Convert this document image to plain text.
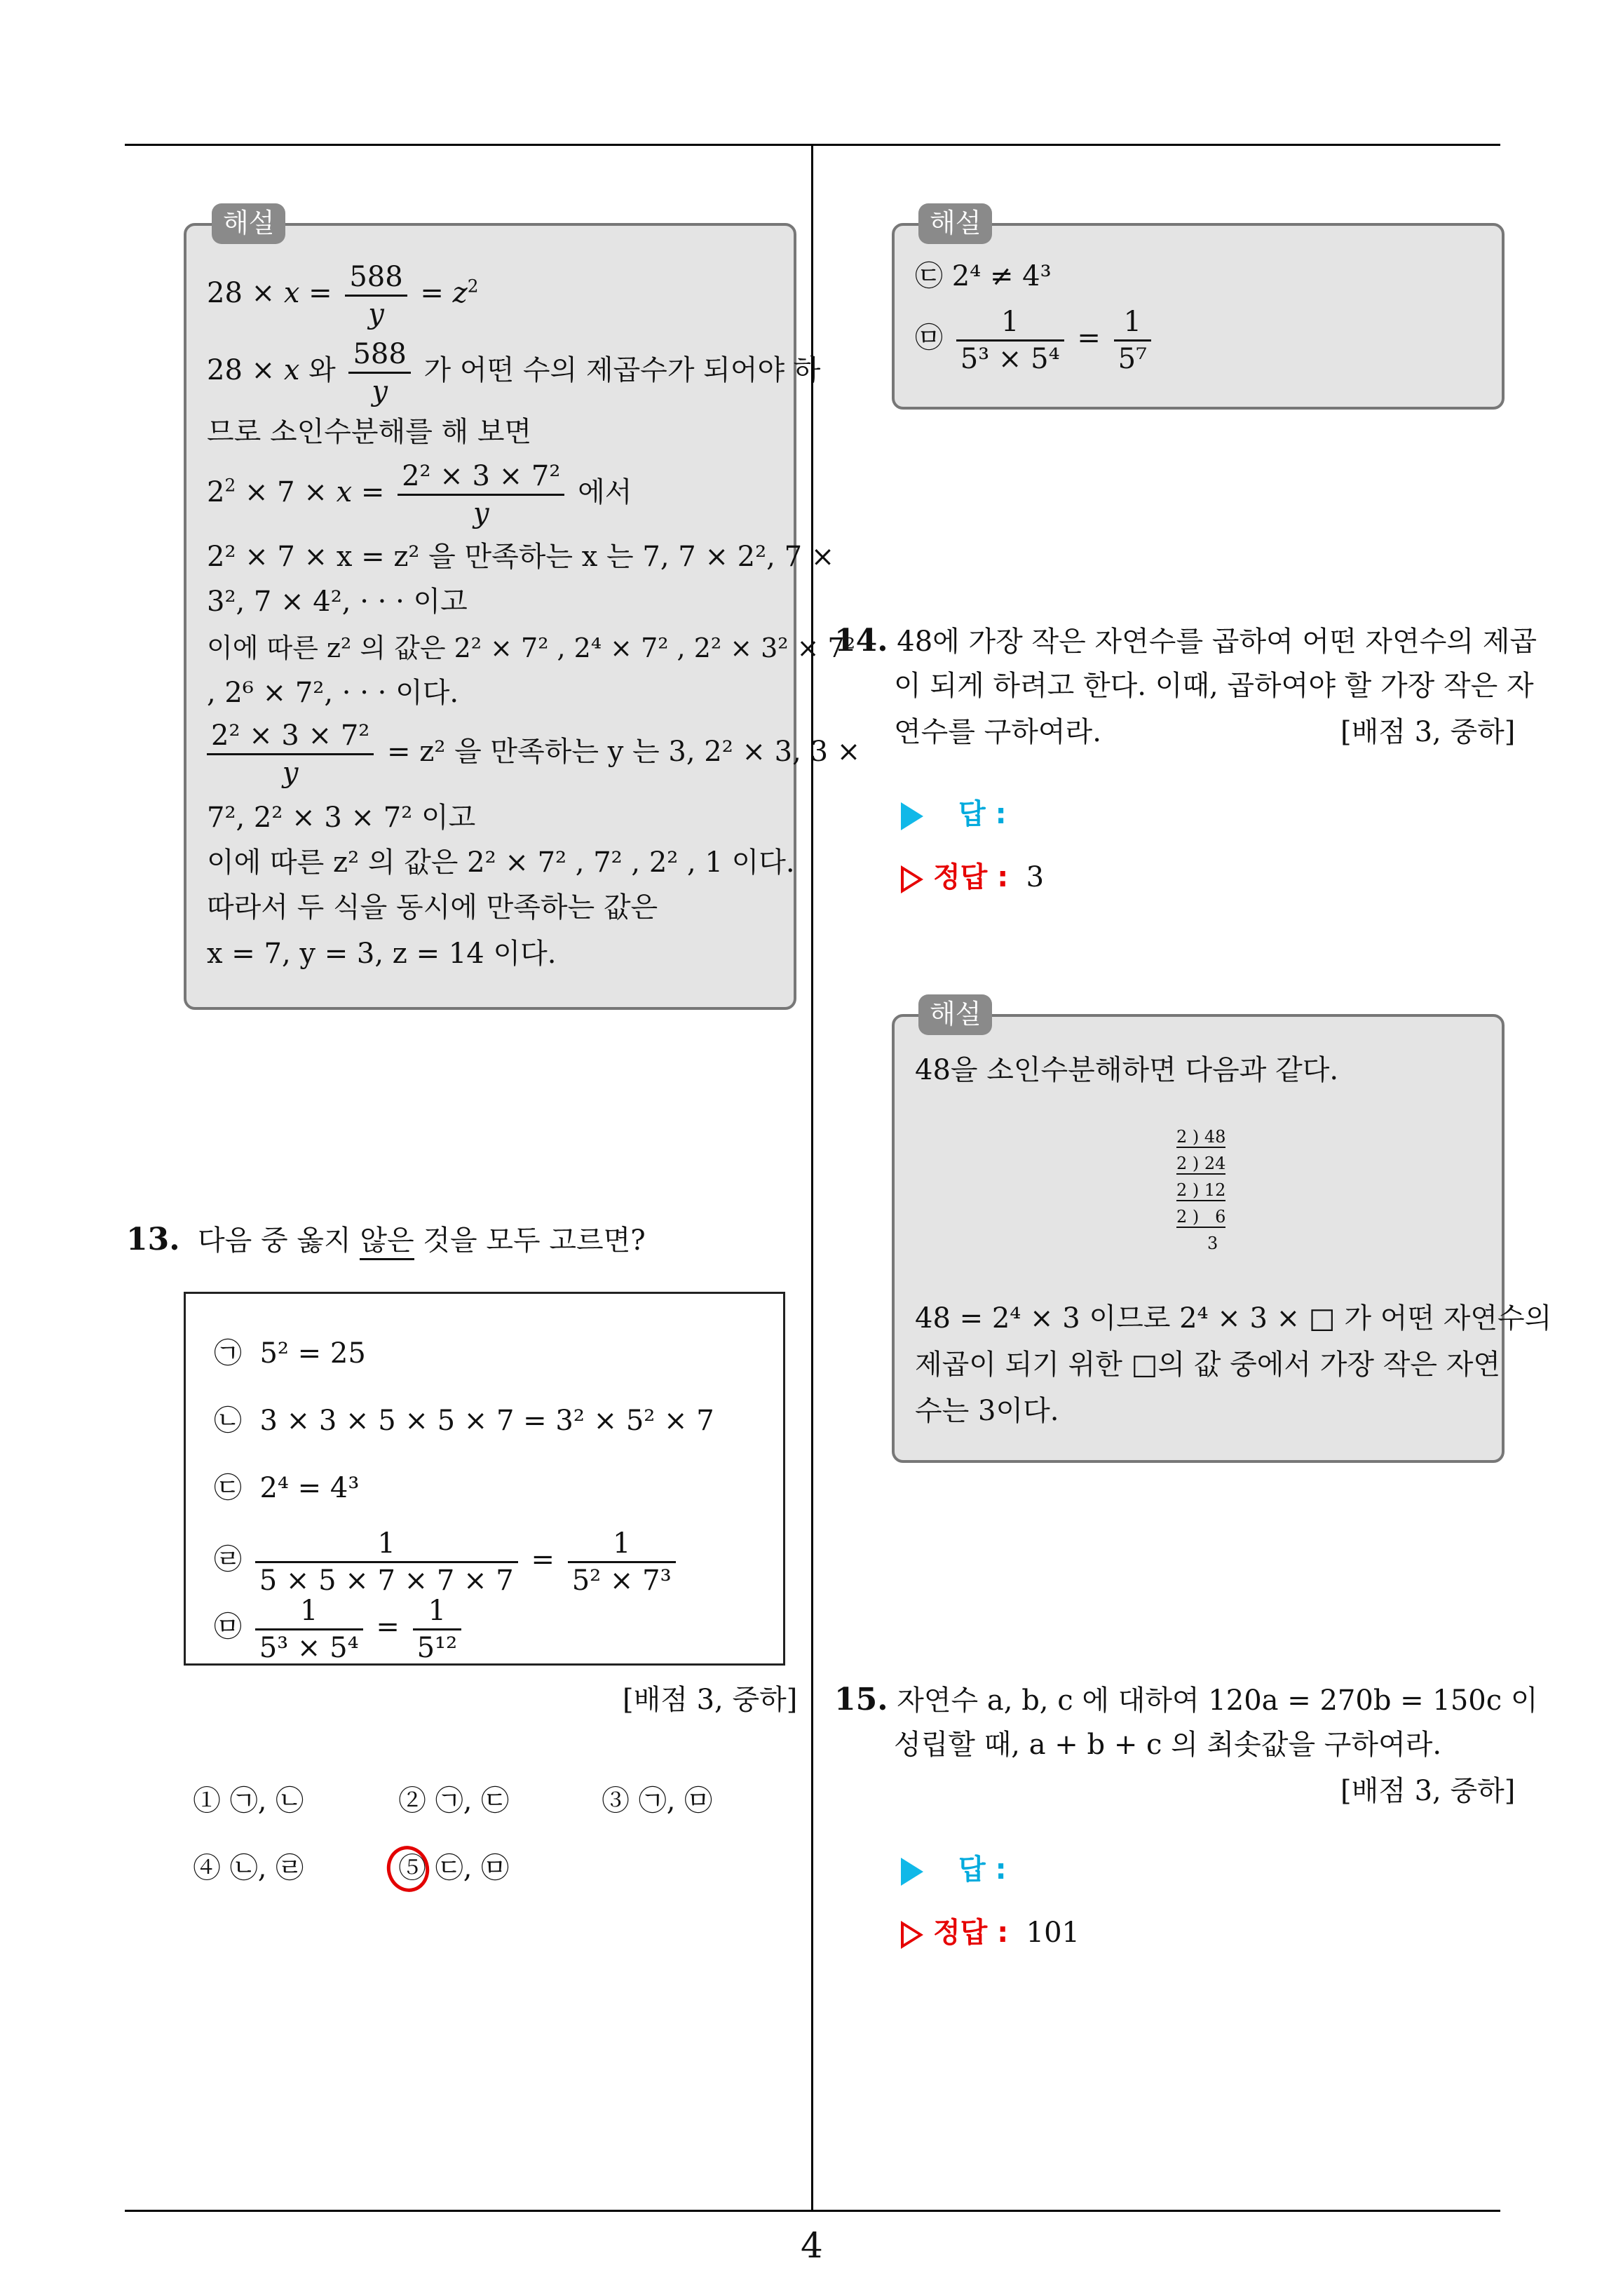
해설
$28 \times x = \frac{588}{y} = z^2$
28 × x 와 $\frac{588}{y}$ 가 어떤 수의 제곱수가 되어야 하
므로 소인수분해를 해 보면
$2^2 \times 7 \times x = \frac{\text{2² × 3 × 7²}}{y}$ 에서
2² × 7 × x = z² 을 만족하는 x 는 7, 7 × 2², 7 ×
3², 7 × 4², · · · 이고
이에 따른 z² 의 값은 2² × 7² , 2⁴ × 7² , 2² × 3² × 7²
, 2⁶ × 7², · · · 이다.
$\frac{\text{2² × 3 × 7²}}{y} = z^2$ 을 만족하는 y 는 3, 2² × 3, 3 ×
7², 2² × 3 × 7² 이고
이에 따른 z² 의 값은 2² × 7² , 7² , 2² , 1 이다.
따라서 두 식을 동시에 만족하는 값은
x = 7, y = 3, z = 14 이다.
13. 다음 중 옳지 않은 것을 모두 고르면?
㉠ 5² = 25
㉡ 3 × 3 × 5 × 5 × 7 = 3² × 5² × 7
㉢ 2⁴ = 4³
㉣ $\frac{1}{5 \times 5 \times 7 \times 7 \times 7} = \frac{1}{\text{5² × 7³}}$
㉤ $\frac{1}{\text{5³ × 5⁴}} = \frac{1}{\text{5¹²}}$
[배점 3, 중하]
① ㉠, ㉡	② ㉠, ㉢	③ ㉠, ㉤
④ ㉡, ㉣	⑤ ㉢, ㉤
해설
㉢ 2⁴ ≠ 4³
㉤ $\frac{1}{\text{5³ × 5⁴}} = \frac{1}{\text{5⁷}}$
14. 48에 가장 작은 자연수를 곱하여 어떤 자연수의 제곱
이 되게 하려고 한다. 이때, 곱하여야 할 가장 작은 자
연수를 구하여라.	[배점 3, 중하]
답 :
정답 : 3
해설
48을 소인수분해하면 다음과 같다.
2 ) 48
2 ) 24
2 ) 12
2 )   6
3
48 = 2⁴ × 3 이므로 2⁴ × 3 × □ 가 어떤 자연수의
제곱이 되기 위한 □의 값 중에서 가장 작은 자연
수는 3이다.
15. 자연수 a, b, c 에 대하여 120a = 270b = 150c 이
성립할 때, a + b + c 의 최솟값을 구하여라.
[배점 3, 중하]
답 :
정답 : 101
4
